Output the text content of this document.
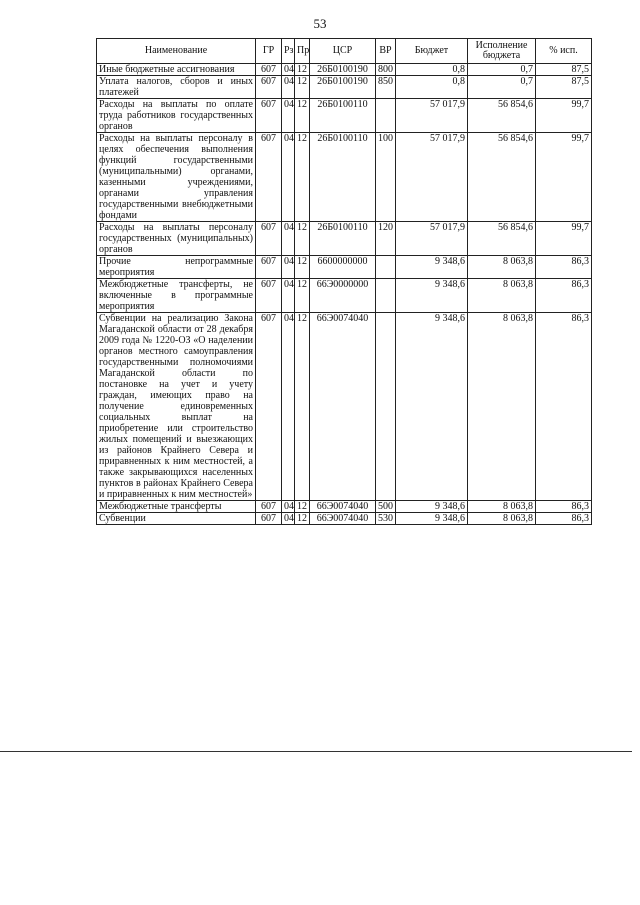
53
Наименование	ГР	Рз	Пр	ЦСР	ВР	Бюджет	Исполнение бюджета	% исп.
Иные бюджетные ассигнования	607	04	12	26Б0100190	800	0,8	0,7	87,5
Уплата налогов, сборов и иных платежей	607	04	12	26Б0100190	850	0,8	0,7	87,5
Расходы на выплаты по оплате труда работников государственных органов	607	04	12	26Б0100110		57 017,9	56 854,6	99,7
Расходы на выплаты персоналу в целях обеспечения выполнения функций государственными (муниципальными) органами, казенными учреждениями, органами управления государственными внебюджетными фондами	607	04	12	26Б0100110	100	57 017,9	56 854,6	99,7
Расходы на выплаты персоналу государственных (муниципальных) органов	607	04	12	26Б0100110	120	57 017,9	56 854,6	99,7
Прочие непрограммные мероприятия	607	04	12	6600000000		9 348,6	8 063,8	86,3
Межбюджетные трансферты, не включенные в программные мероприятия	607	04	12	66Э0000000		9 348,6	8 063,8	86,3
Субвенции на реализацию Закона Магаданской области от 28 декабря 2009 года № 1220-ОЗ «О наделении органов местного самоуправления государственными полномочиями Магаданской области по постановке на учет и учету граждан, имеющих право на получение единовременных социальных выплат на приобретение или строительство жилых помещений и выезжающих из районов Крайнего Севера и приравненных к ним местностей, а также закрывающихся населенных пунктов в районах Крайнего Севера и приравненных к ним местностей»	607	04	12	66Э0074040		9 348,6	8 063,8	86,3
Межбюджетные трансферты	607	04	12	66Э0074040	500	9 348,6	8 063,8	86,3
Субвенции	607	04	12	66Э0074040	530	9 348,6	8 063,8	86,3
